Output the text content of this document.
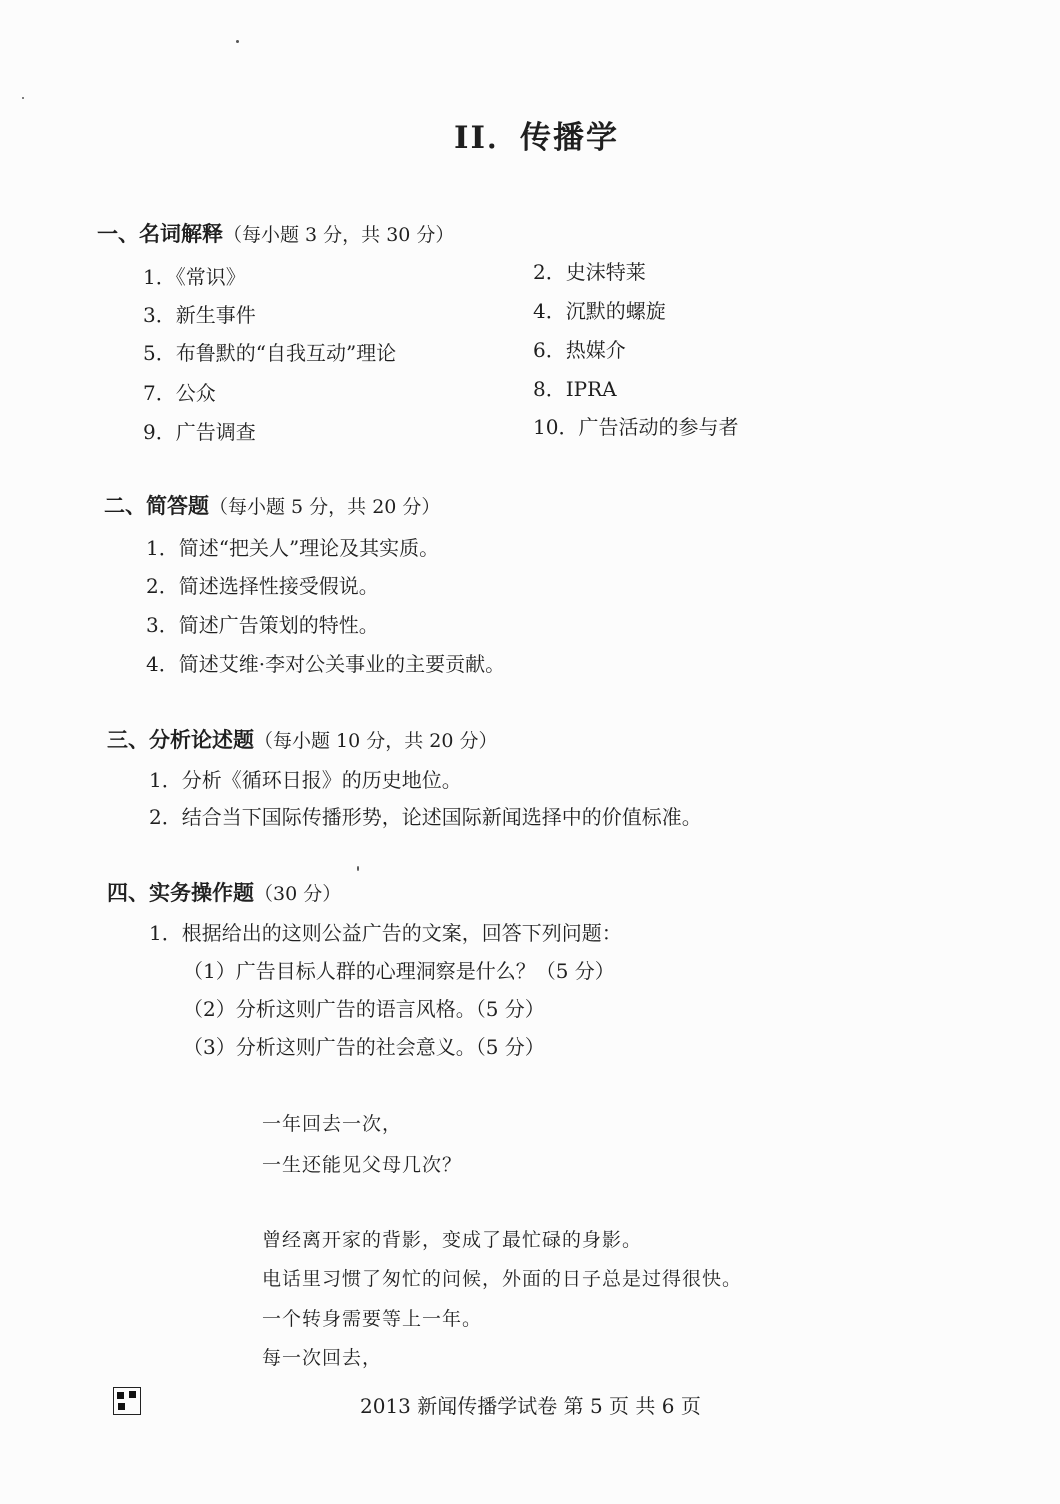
II．传播学
一、名词解释（每小题 3 分，共 30 分）
1．《常识》	2．史沫特莱
3．新生事件	4．沉默的螺旋
5．布鲁默的“自我互动”理论	6．热媒介
7．公众	8．IPRA
9．广告调查	10．广告活动的参与者
二、简答题（每小题 5 分，共 20 分）
1．简述“把关人”理论及其实质。
2．简述选择性接受假说。
3．简述广告策划的特性。
4．简述艾维·李对公关事业的主要贡献。
三、分析论述题（每小题 10 分，共 20 分）
1．分析《循环日报》的历史地位。
2．结合当下国际传播形势，论述国际新闻选择中的价值标准。
四、实务操作题（30 分）
1．根据给出的这则公益广告的文案，回答下列问题：
（1）广告目标人群的心理洞察是什么？（5 分）
（2）分析这则广告的语言风格。（5 分）
（3）分析这则广告的社会意义。（5 分）
一年回去一次，
一生还能见父母几次？
曾经离开家的背影，变成了最忙碌的身影。
电话里习惯了匆忙的问候，外面的日子总是过得很快。
一个转身需要等上一年。
每一次回去，
2013 新闻传播学试卷 第 5 页 共 6 页
